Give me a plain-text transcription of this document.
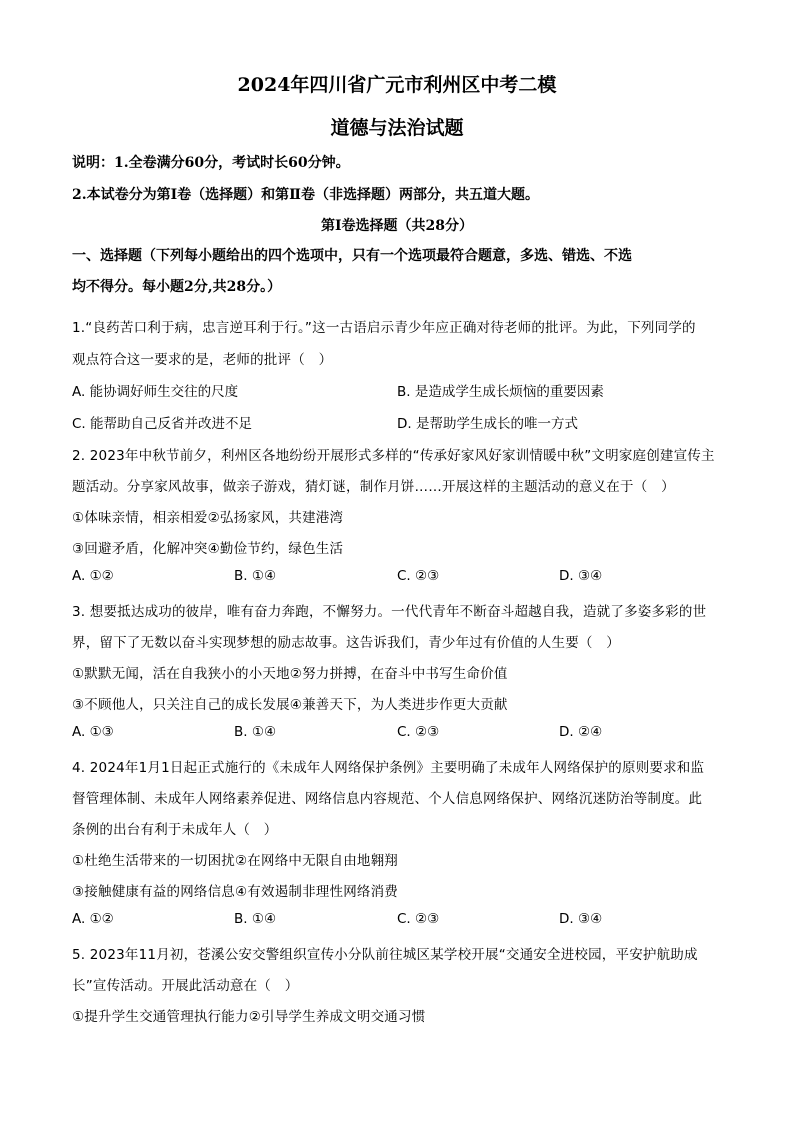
2024年四川省广元市利州区中考二模
道德与法治试题
说明：1.全卷满分60分，考试时长60分钟。
2.本试卷分为第Ⅰ卷（选择题）和第Ⅱ卷（非选择题）两部分，共五道大题。
第Ⅰ卷选择题（共28分）
一、选择题（下列每小题给出的四个选项中，只有一个选项最符合题意，多选、错选、不选
均不得分。每小题2分,共28分。）
1.“良药苦口利于病，忠言逆耳利于行。”这一古语启示青少年应正确对待老师的批评。为此，下列同学的
观点符合这一要求的是，老师的批评（　）
A. 能协调好师生交往的尺度	B. 是造成学生成长烦恼的重要因素
C. 能帮助自己反省并改进不足	D. 是帮助学生成长的唯一方式
2. 2023年中秋节前夕，利州区各地纷纷开展形式多样的“传承好家风好家训情暖中秋”文明家庭创建宣传主
题活动。分享家风故事，做亲子游戏，猜灯谜，制作月饼……开展这样的主题活动的意义在于（　）
①体味亲情，相亲相爱②弘扬家风，共建港湾
③回避矛盾，化解冲突④勤俭节约，绿色生活
A. ①②	B. ①④	C. ②③	D. ③④
3. 想要抵达成功的彼岸，唯有奋力奔跑，不懈努力。一代代青年不断奋斗超越自我，造就了多姿多彩的世
界，留下了无数以奋斗实现梦想的励志故事。这告诉我们，青少年过有价值的人生要（　）
①默默无闻，活在自我狭小的小天地②努力拼搏，在奋斗中书写生命价值
③不顾他人，只关注自己的成长发展④兼善天下，为人类进步作更大贡献
A. ①③	B. ①④	C. ②③	D. ②④
4. 2024年1月1日起正式施行的《未成年人网络保护条例》主要明确了未成年人网络保护的原则要求和监
督管理体制、未成年人网络素养促进、网络信息内容规范、个人信息网络保护、网络沉迷防治等制度。此
条例的出台有利于未成年人（　）
①杜绝生活带来的一切困扰②在网络中无限自由地翱翔
③接触健康有益的网络信息④有效遏制非理性网络消费
A. ①②	B. ①④	C. ②③	D. ③④
5. 2023年11月初，苍溪公安交警组织宣传小分队前往城区某学校开展“交通安全进校园，平安护航助成
长”宣传活动。开展此活动意在（　）
①提升学生交通管理执行能力②引导学生养成文明交通习惯
